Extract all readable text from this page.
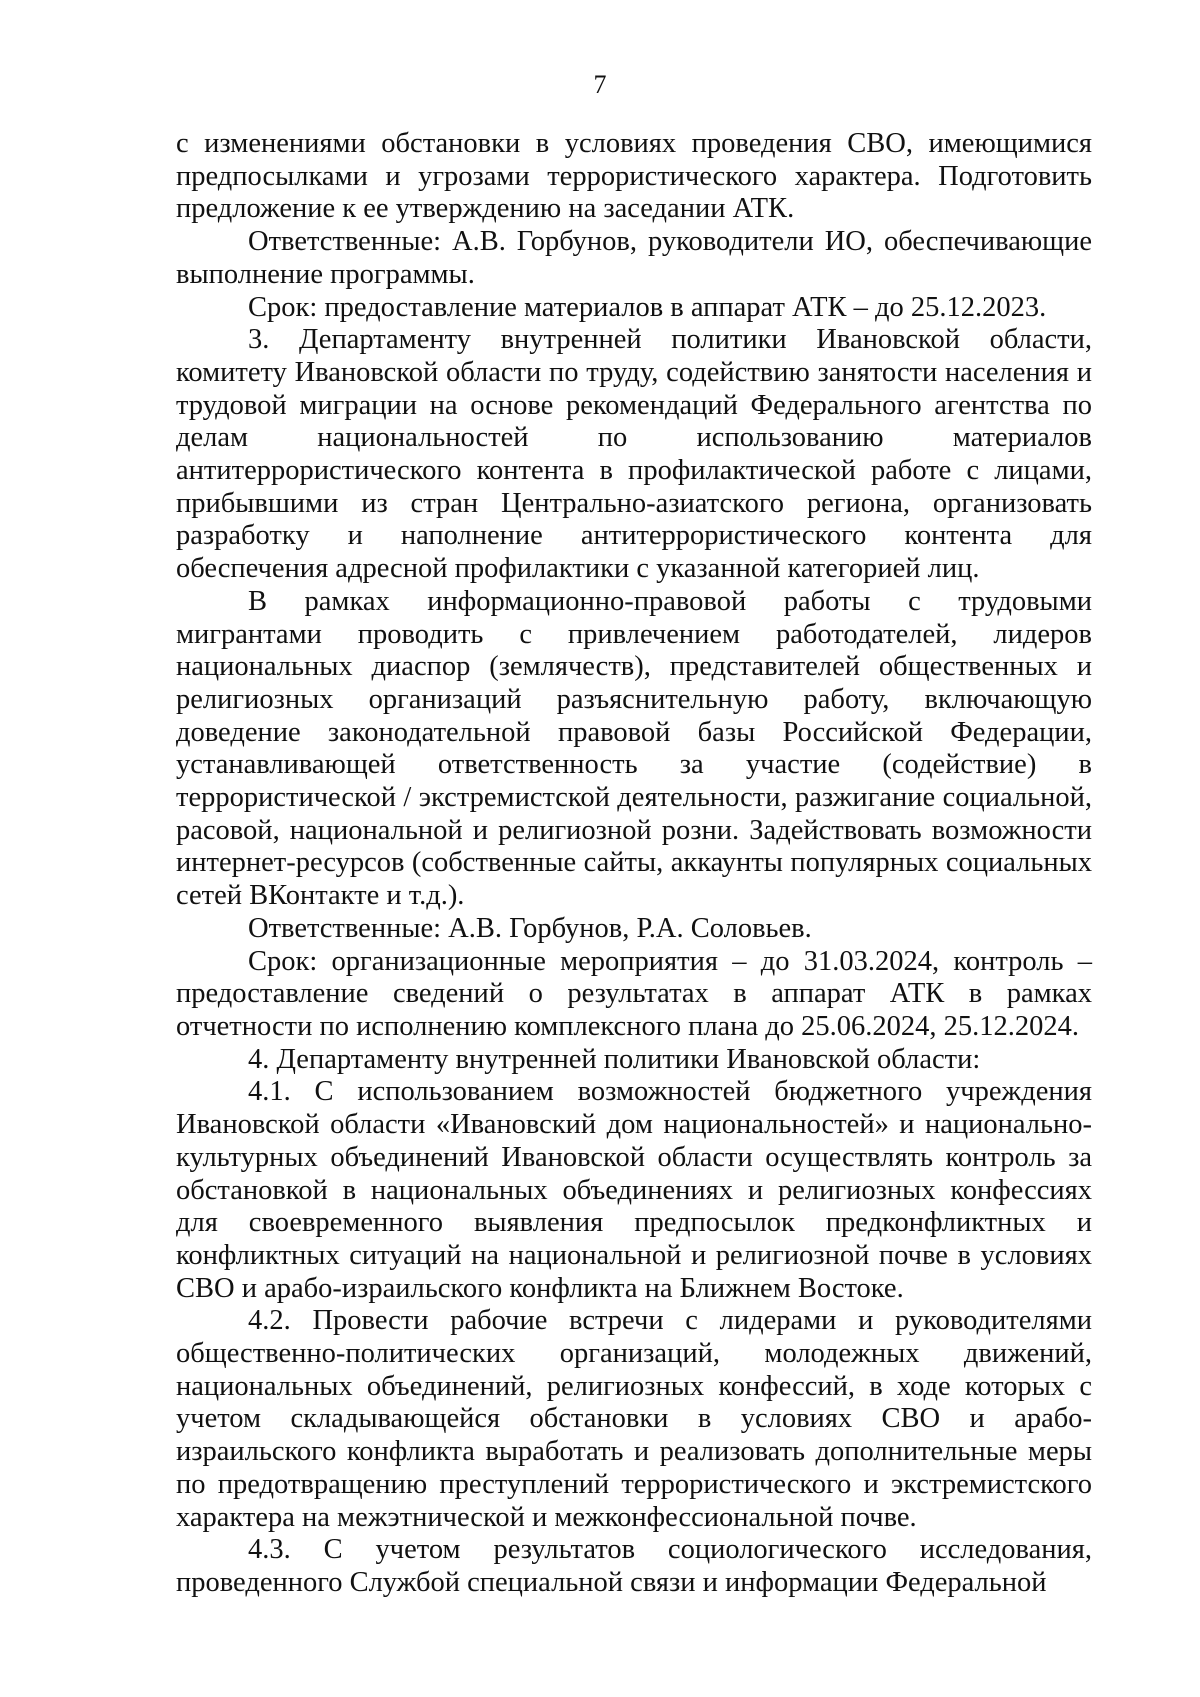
7

с изменениями обстановки в условиях проведения СВО, имеющимися предпосылками и угрозами террористического характера. Подготовить предложение к ее утверждению на заседании АТК.

Ответственные: А.В. Горбунов, руководители ИО, обеспечивающие выполнение программы.

Срок: предоставление материалов в аппарат АТК – до 25.12.2023.

3. Департаменту внутренней политики Ивановской области, комитету Ивановской области по труду, содействию занятости населения и трудовой миграции на основе рекомендаций Федерального агентства по делам национальностей по использованию материалов антитеррористического контента в профилактической работе с лицами, прибывшими из стран Центрально-азиатского региона, организовать разработку и наполнение антитеррористического контента для обеспечения адресной профилактики с указанной категорией лиц.

В рамках информационно-правовой работы с трудовыми мигрантами проводить с привлечением работодателей, лидеров национальных диаспор (землячеств), представителей общественных и религиозных организаций разъяснительную работу, включающую доведение законодательной правовой базы Российской Федерации, устанавливающей ответственность за участие (содействие) в террористической / экстремистской деятельности, разжигание социальной, расовой, национальной и религиозной розни. Задействовать возможности интернет-ресурсов (собственные сайты, аккаунты популярных социальных сетей ВКонтакте и т.д.).

Ответственные: А.В. Горбунов, Р.А. Соловьев.

Срок: организационные мероприятия – до 31.03.2024, контроль – предоставление сведений о результатах в аппарат АТК в рамках отчетности по исполнению комплексного плана до 25.06.2024, 25.12.2024.

4. Департаменту внутренней политики Ивановской области:

4.1. С использованием возможностей бюджетного учреждения Ивановской области «Ивановский дом национальностей» и национально-культурных объединений Ивановской области осуществлять контроль за обстановкой в национальных объединениях и религиозных конфессиях для своевременного выявления предпосылок предконфликтных и конфликтных ситуаций на национальной и религиозной почве в условиях СВО и арабо-израильского конфликта на Ближнем Востоке.

4.2. Провести рабочие встречи с лидерами и руководителями общественно-политических организаций, молодежных движений, национальных объединений, религиозных конфессий, в ходе которых с учетом складывающейся обстановки в условиях СВО и арабо-израильского конфликта выработать и реализовать дополнительные меры по предотвращению преступлений террористического и экстремистского характера на межэтнической и межконфессиональной почве.

4.3. С учетом результатов социологического исследования, проведенного Службой специальной связи и информации Федеральной
